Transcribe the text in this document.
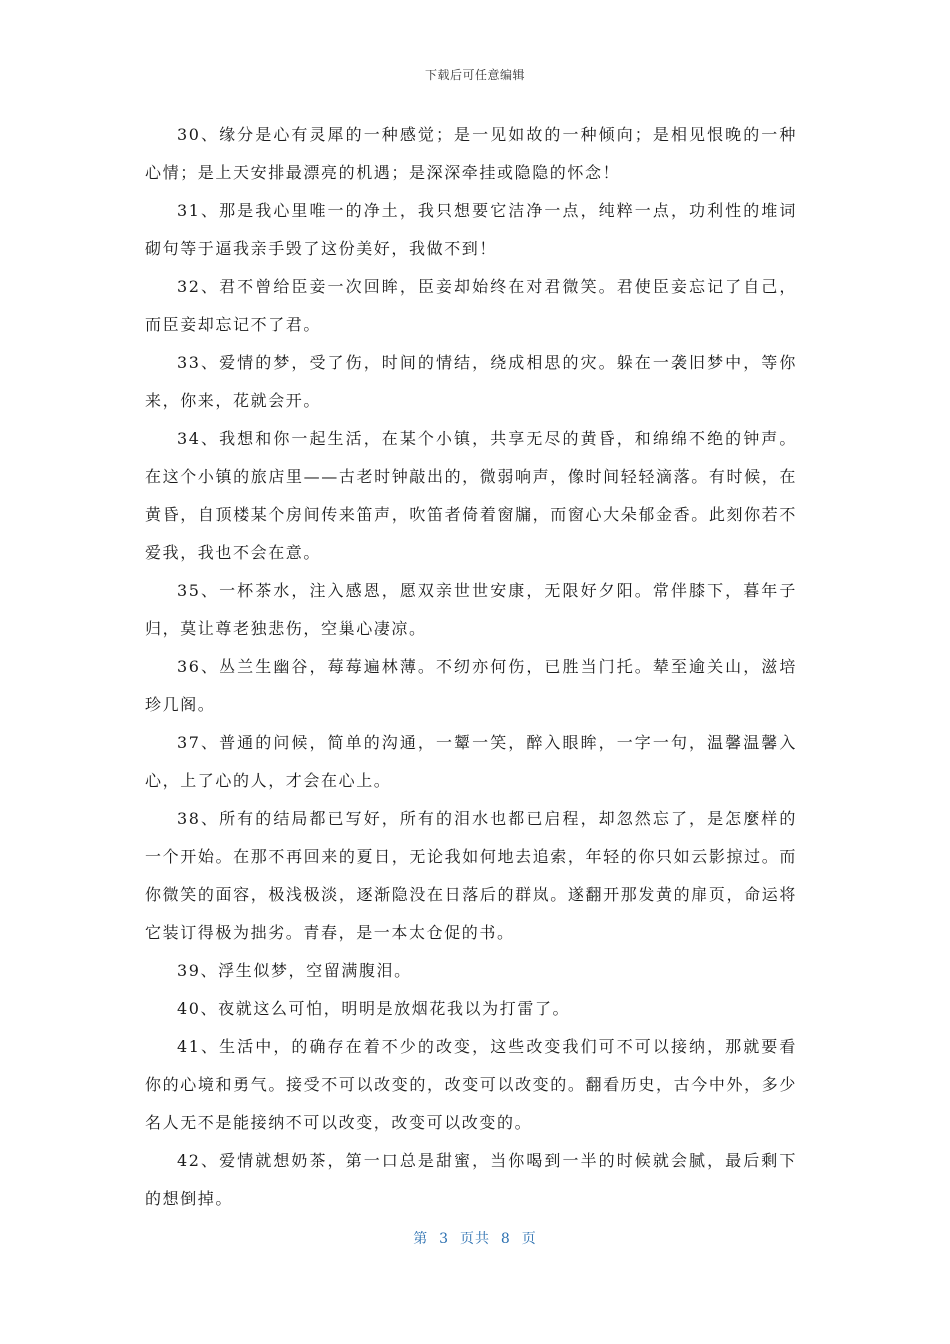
下载后可任意编辑

30、缘分是心有灵犀的一种感觉；是一见如故的一种倾向；是相见恨晚的一种心情；是上天安排最漂亮的机遇；是深深牵挂或隐隐的怀念！

31、那是我心里唯一的净土，我只想要它洁净一点，纯粹一点，功利性的堆词砌句等于逼我亲手毁了这份美好，我做不到！

32、君不曾给臣妾一次回眸，臣妾却始终在对君微笑。君使臣妾忘记了自己，而臣妾却忘记不了君。

33、爱情的梦，受了伤，时间的情结，绕成相思的灾。躲在一袭旧梦中，等你来，你来，花就会开。

34、我想和你一起生活，在某个小镇，共享无尽的黄昏，和绵绵不绝的钟声。在这个小镇的旅店里——古老时钟敲出的，微弱响声，像时间轻轻滴落。有时候，在黄昏，自顶楼某个房间传来笛声，吹笛者倚着窗牖，而窗心大朵郁金香。此刻你若不爱我，我也不会在意。

35、一杯茶水，注入感恩，愿双亲世世安康，无限好夕阳。常伴膝下，暮年子归，莫让尊老独悲伤，空巢心凄凉。

36、丛兰生幽谷，莓莓遍林薄。不纫亦何伤，已胜当门托。辇至逾关山，滋培珍几阁。

37、普通的问候，简单的沟通，一颦一笑，醉入眼眸，一字一句，温馨温馨入心，上了心的人，才会在心上。

38、所有的结局都已写好，所有的泪水也都已启程，却忽然忘了，是怎麼样的一个开始。在那不再回来的夏日，无论我如何地去追索，年轻的你只如云影掠过。而你微笑的面容，极浅极淡，逐渐隐没在日落后的群岚。遂翻开那发黄的扉页，命运将它装订得极为拙劣。青春，是一本太仓促的书。

39、浮生似梦，空留满腹泪。

40、夜就这么可怕，明明是放烟花我以为打雷了。

41、生活中，的确存在着不少的改变，这些改变我们可不可以接纳，那就要看你的心境和勇气。接受不可以改变的，改变可以改变的。翻看历史，古今中外，多少名人无不是能接纳不可以改变，改变可以改变的。

42、爱情就想奶茶，第一口总是甜蜜，当你喝到一半的时候就会腻，最后剩下的想倒掉。

第  3  页共  8  页
